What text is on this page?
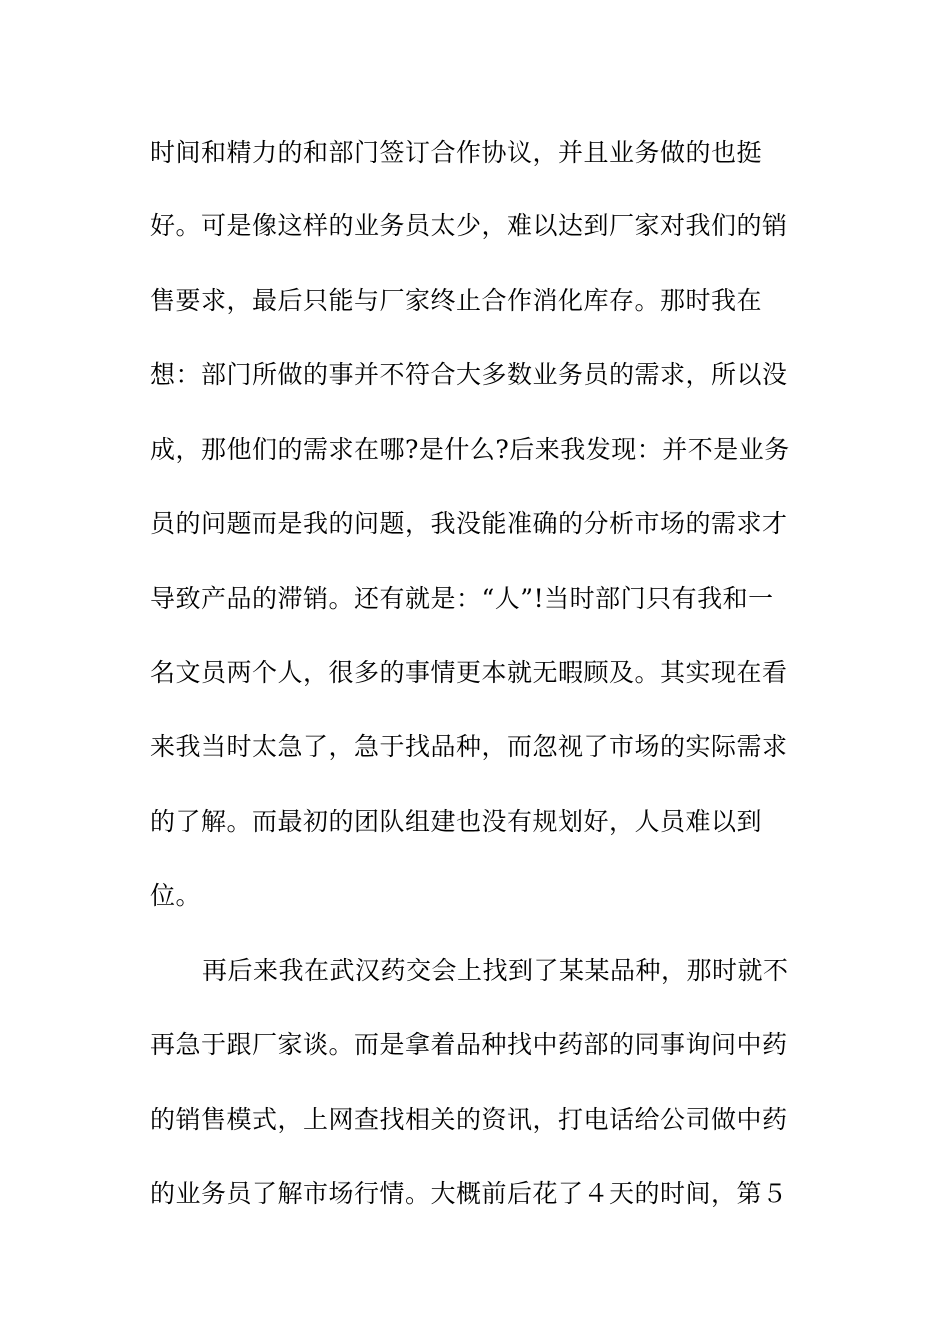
时间和精力的和部门签订合作协议，并且业务做的也挺

好。可是像这样的业务员太少，难以达到厂家对我们的销

售要求，最后只能与厂家终止合作消化库存。那时我在

想：部门所做的事并不符合大多数业务员的需求，所以没

成，那他们的需求在哪?是什么?后来我发现：并不是业务

员的问题而是我的问题，我没能准确的分析市场的需求才

导致产品的滞销。还有就是：“人”!当时部门只有我和一

名文员两个人，很多的事情更本就无暇顾及。其实现在看

来我当时太急了，急于找品种，而忽视了市场的实际需求

的了解。而最初的团队组建也没有规划好，人员难以到

位。

再后来我在武汉药交会上找到了某某品种，那时就不

再急于跟厂家谈。而是拿着品种找中药部的同事询问中药

的销售模式，上网查找相关的资讯，打电话给公司做中药

的业务员了解市场行情。大概前后花了４天的时间，第５
